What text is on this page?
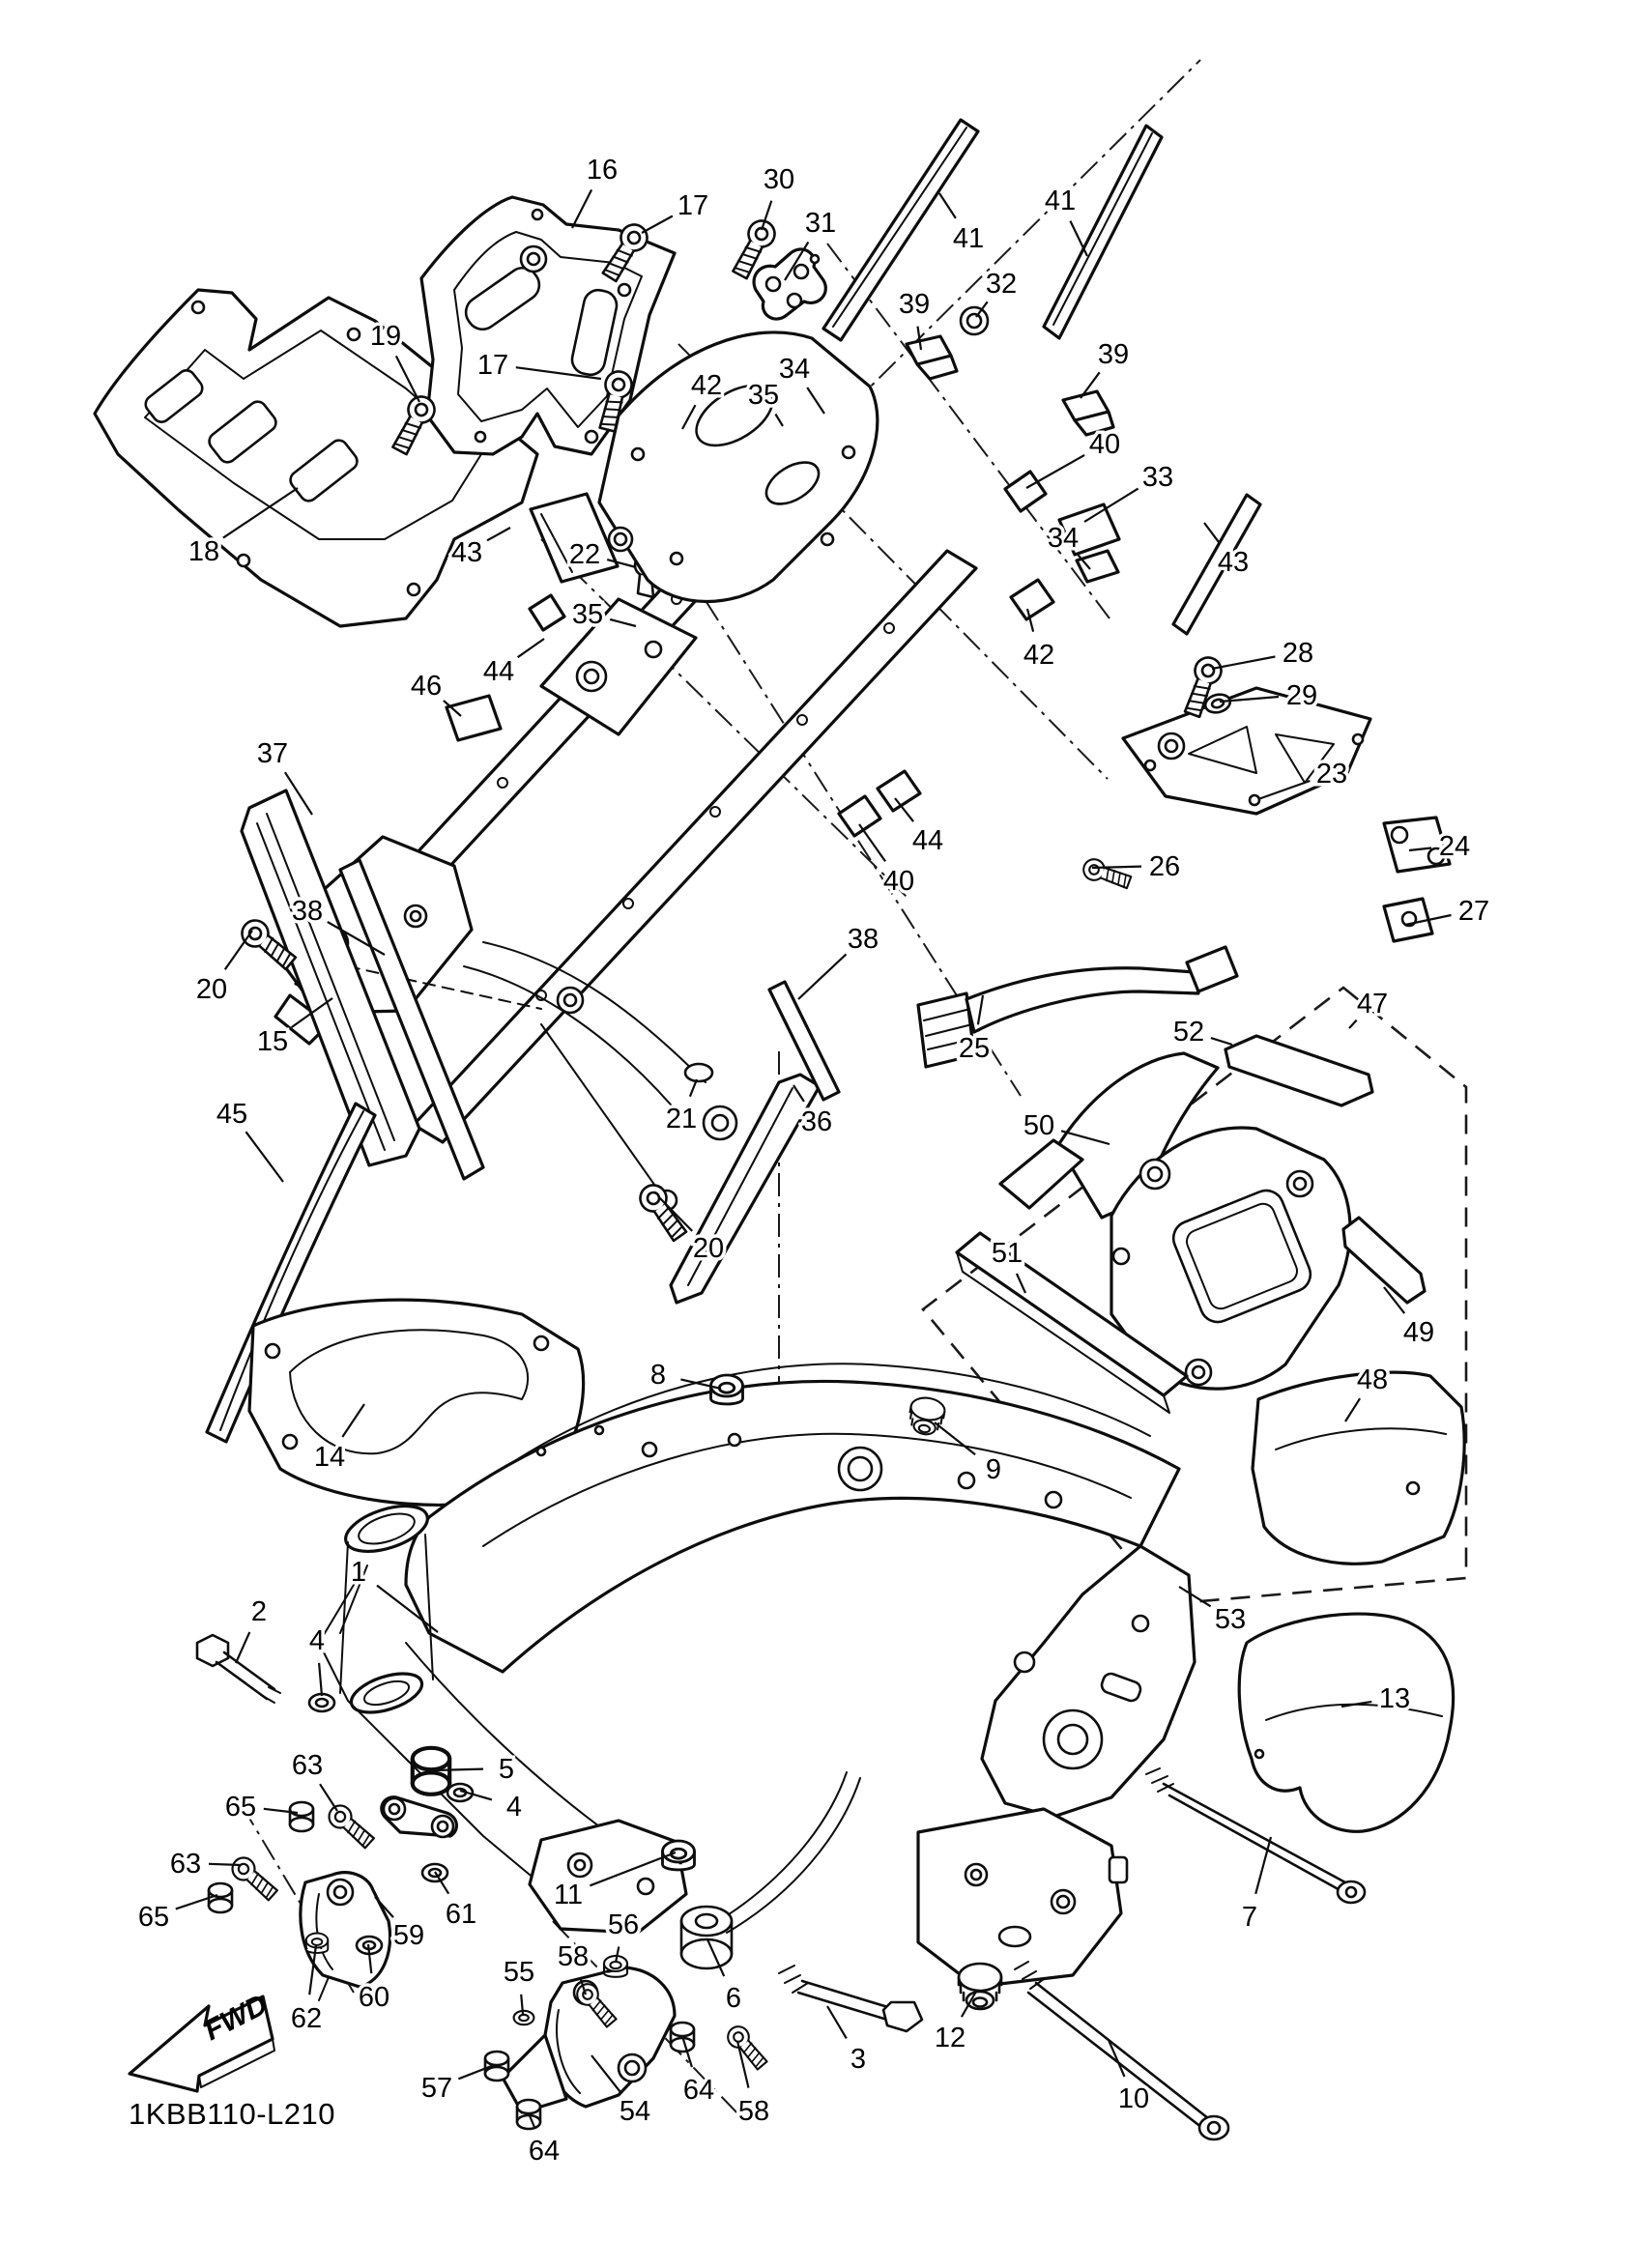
FWD
1KBB110-L210
16
17
30
31	41
41
32
39
39
19
17	34
42 35
40
33
34
43
18	43	22
35
42
46 44
28
29
37
23
44
26
24
40
27
38
38
20
15	25
47
52
36
21
45	50
51
20
49
48
14
8
9
53
13
1
2
4
7
63
65
5
4
63
65
11
61
59	56
58
55
60
62
6
12
3
10
57	64
58
54
64
